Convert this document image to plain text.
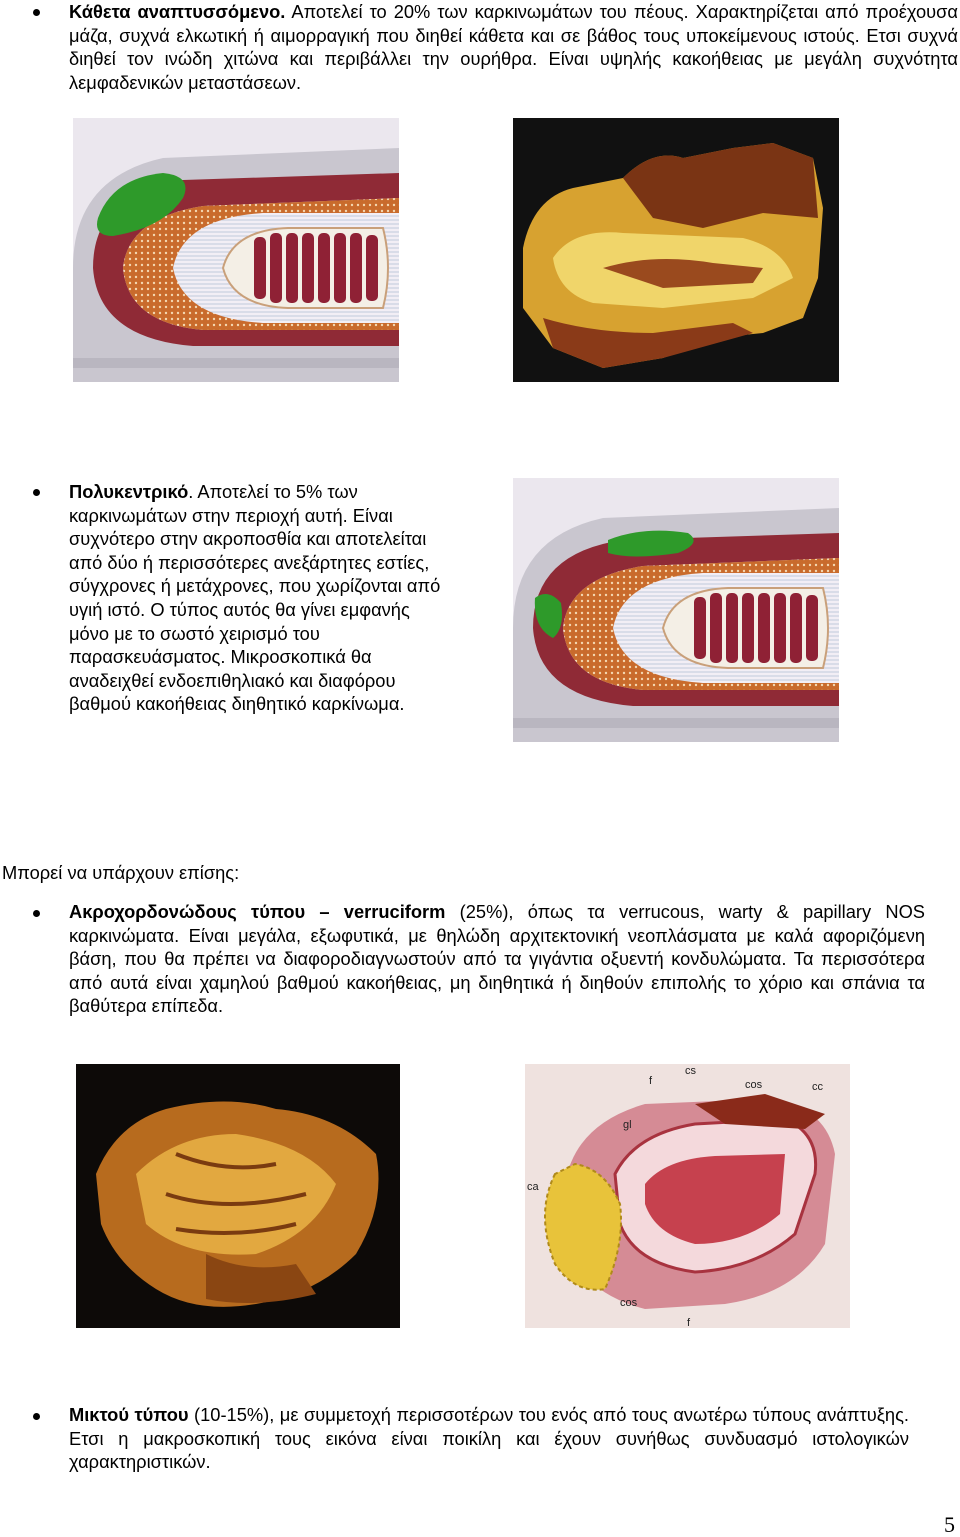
Κάθετα αναπτυσσόμενο. Αποτελεί το 20% των καρκινωμάτων του πέους. Χαρακτηρίζεται από προέχουσα μάζα, συχνά ελκωτική ή αιμορραγική που διηθεί κάθετα και σε βάθος τους υποκείμενους ιστούς. Ετσι συχνά διηθεί τον ινώδη χιτώνα και περιβάλλει την ουρήθρα. Είναι υψηλής κακοήθειας με μεγάλη συχνότητα λεμφαδενικών μεταστάσεων.
Πολυκεντρικό. Αποτελεί το 5% των καρκινωμάτων στην περιοχή αυτή. Είναι συχνότερο στην ακροποσθία και αποτελείται από δύο ή περισσότερες ανεξάρτητες εστίες, σύγχρονες ή μετάχρονες, που χωρίζονται από υγιή ιστό. Ο τύπος αυτός θα γίνει εμφανής μόνο με το σωστό χειρισμό του παρασκευάσματος. Μικροσκοπικά θα αναδειχθεί ενδοεπιθηλιακό και διαφόρου βαθμού κακοήθειας διηθητικό καρκίνωμα.
Μπορεί να υπάρχουν επίσης:
Ακροχορδονώδους τύπου – verruciform (25%), όπως τα verrucous, warty & papillary NOS καρκινώματα. Είναι μεγάλα, εξωφυτικά, με θηλώδη αρχιτεκτονική νεοπλάσματα με καλά αφοριζόμενη βάση, που θα πρέπει να διαφοροδιαγνωστούν από τα γιγάντια οξυεντή κονδυλώματα. Τα περισσότερα από αυτά είναι χαμηλού βαθμού κακοήθειας, μη διηθητικά ή διηθούν επιπολής το χόριο και σπάνια τα βαθύτερα επίπεδα.
cs
cos	cc
f
gl
ca
cos
f
Μικτού τύπου (10-15%), με συμμετοχή περισσοτέρων του ενός από τους ανωτέρω τύπους ανάπτυξης. Ετσι η μακροσκοπική τους εικόνα είναι ποικίλη και έχουν συνήθως συνδυασμό ιστολογικών χαρακτηριστικών.
5
